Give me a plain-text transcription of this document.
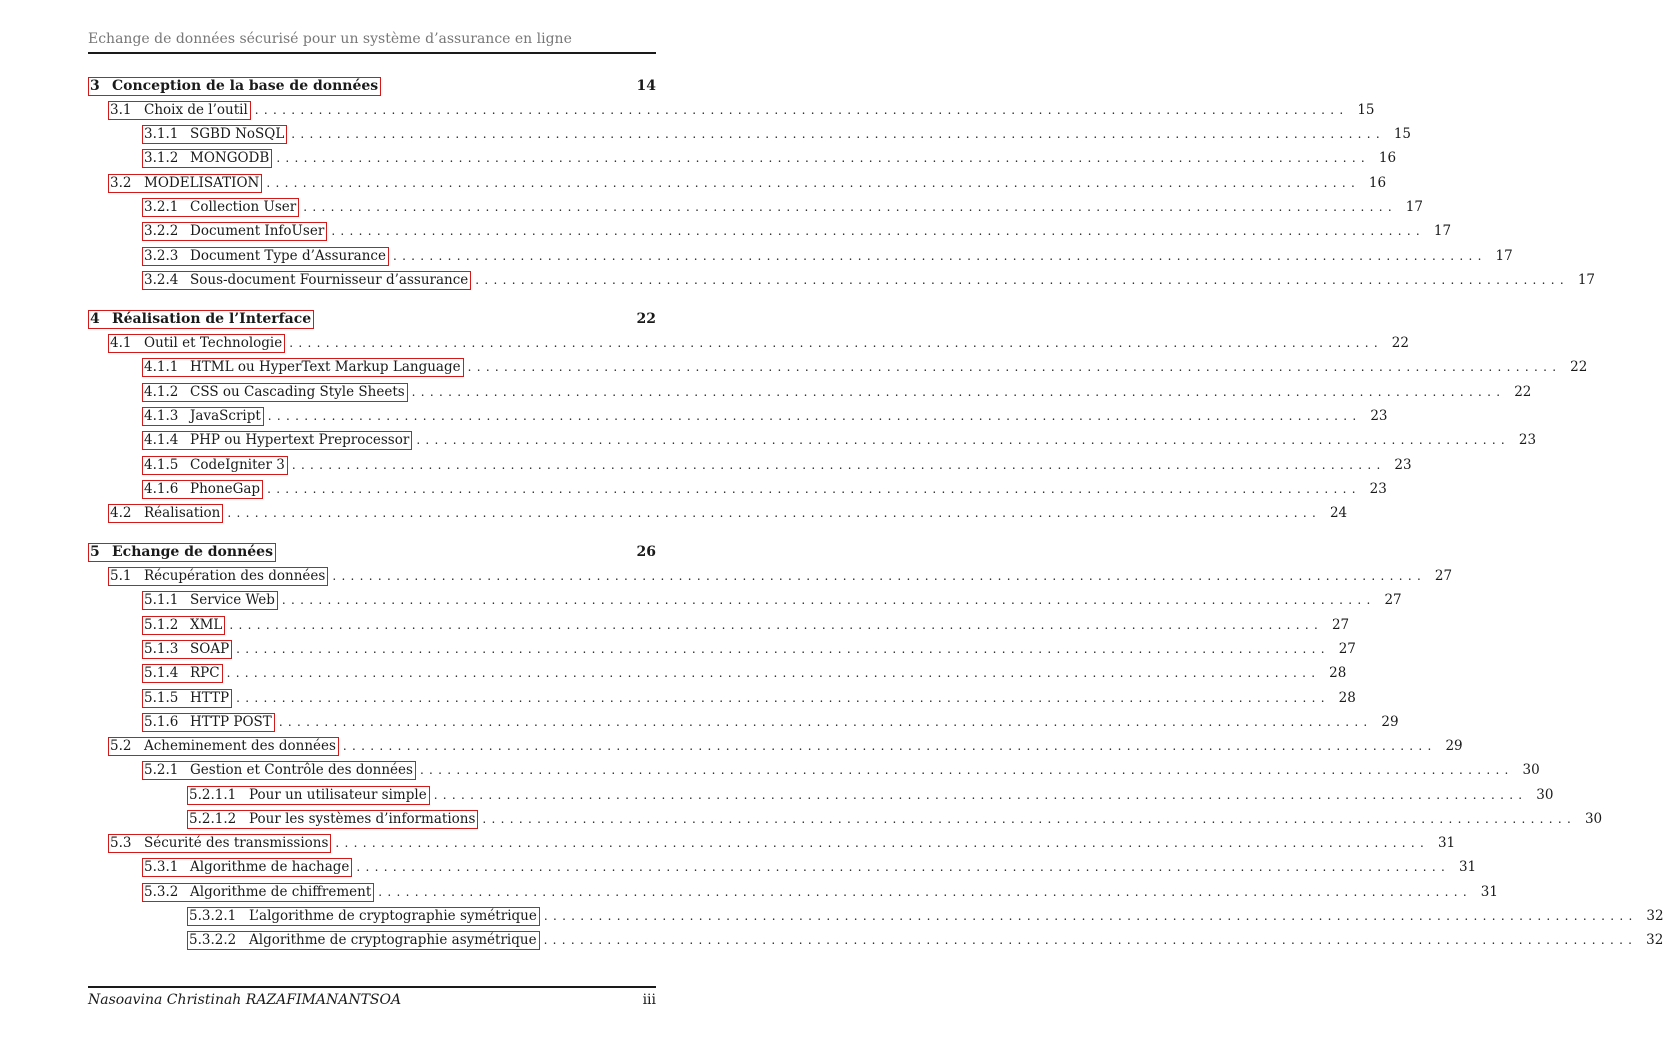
Echange de données sécurisé pour un système d’assurance en ligne
3 Conception de la base de données	14
3.1 Choix de l’outil ........................................................................................................................ 15
3.1.1 SGBD NoSQL ........................................................................................................................ 15
3.1.2 MONGODB ........................................................................................................................ 16
3.2 MODELISATION ........................................................................................................................ 16
3.2.1 Collection User ........................................................................................................................ 17
3.2.2 Document InfoUser ........................................................................................................................ 17
3.2.3 Document Type d’Assurance ........................................................................................................................ 17
3.2.4 Sous-document Fournisseur d’assurance ........................................................................................................................ 17
4 Réalisation de l’Interface	22
4.1 Outil et Technologie ........................................................................................................................ 22
4.1.1 HTML ou HyperText Markup Language ........................................................................................................................ 22
4.1.2 CSS ou Cascading Style Sheets ........................................................................................................................ 22
4.1.3 JavaScript ........................................................................................................................ 23
4.1.4 PHP ou Hypertext Preprocessor ........................................................................................................................ 23
4.1.5 CodeIgniter 3 ........................................................................................................................ 23
4.1.6 PhoneGap ........................................................................................................................ 23
4.2 Réalisation ........................................................................................................................ 24
5 Echange de données	26
5.1 Récupération des données ........................................................................................................................ 27
5.1.1 Service Web ........................................................................................................................ 27
5.1.2 XML ........................................................................................................................ 27
5.1.3 SOAP ........................................................................................................................ 27
5.1.4 RPC ........................................................................................................................ 28
5.1.5 HTTP ........................................................................................................................ 28
5.1.6 HTTP POST ........................................................................................................................ 29
5.2 Acheminement des données ........................................................................................................................ 29
5.2.1 Gestion et Contrôle des données ........................................................................................................................ 30
5.2.1.1 Pour un utilisateur simple ........................................................................................................................ 30
5.2.1.2 Pour les systèmes d’informations ........................................................................................................................ 30
5.3 Sécurité des transmissions ........................................................................................................................ 31
5.3.1 Algorithme de hachage ........................................................................................................................ 31
5.3.2 Algorithme de chiffrement ........................................................................................................................ 31
5.3.2.1 L’algorithme de cryptographie symétrique ........................................................................................................................ 32
5.3.2.2 Algorithme de cryptographie asymétrique ........................................................................................................................ 32
Nasoavina Christinah RAZAFIMANANTSOA	iii
